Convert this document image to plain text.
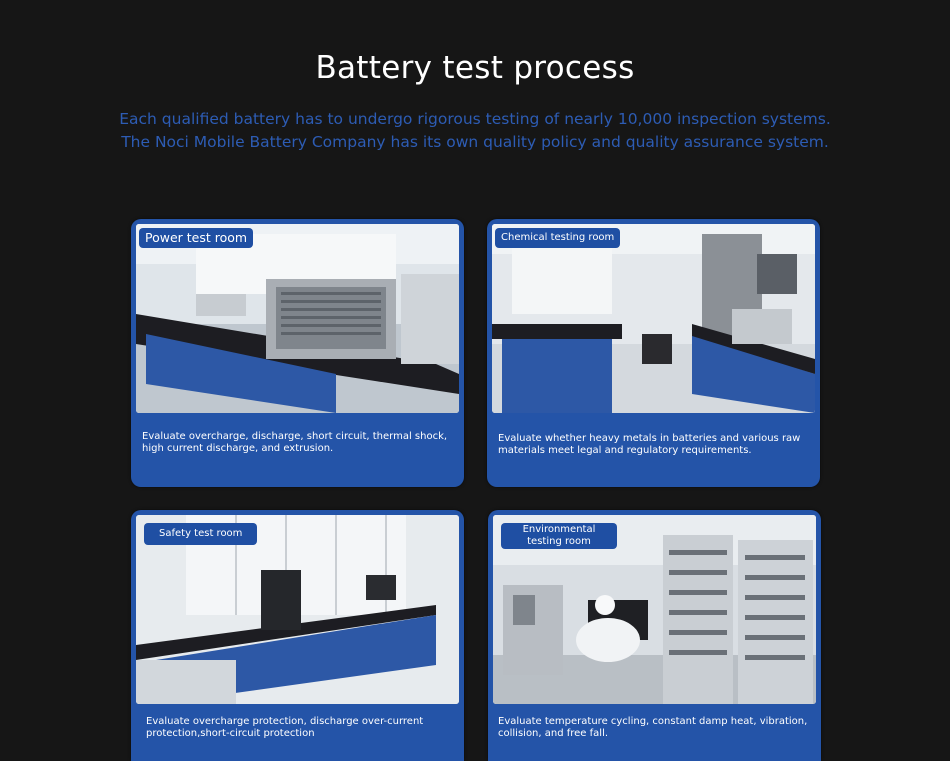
Battery test process

Each qualified battery has to undergo rigorous testing of nearly 10,000 inspection systems.
The Noci Mobile Battery Company has its own quality policy and quality assurance system.

Power test room
Evaluate overcharge, discharge, short circuit, thermal shock, high current discharge, and extrusion.
Chemical testing room
Evaluate whether heavy metals in batteries and various raw materials meet legal and regulatory requirements.
Safety test room
Evaluate overcharge protection, discharge over-current protection,short-circuit protection
Environmental testing room
Evaluate temperature cycling, constant damp heat, vibration, collision, and free fall.
